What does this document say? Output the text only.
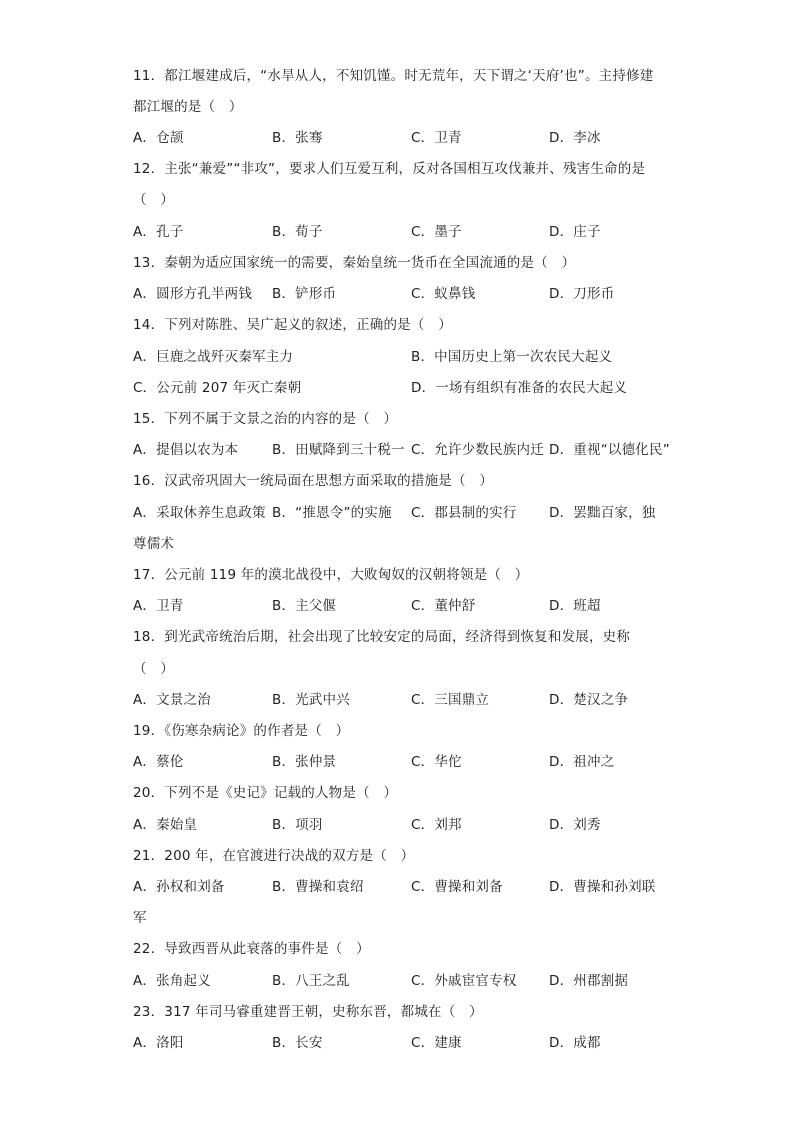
11．都江堰建成后，“水旱从人，不知饥馑。时无荒年，天下谓之‘天府’也”。主持修建
都江堰的是（　）
A．仓颉	B．张骞	C．卫青	D．李冰
12．主张“兼爱”“非攻”，要求人们互爱互利，反对各国相互攻伐兼并、残害生命的是
（　）
A．孔子	B．荀子	C．墨子	D．庄子
13．秦朝为适应国家统一的需要，秦始皇统一货币在全国流通的是（　）
A．圆形方孔半两钱 B．铲形币	C．蚁鼻钱	D．刀形币
14．下列对陈胜、吴广起义的叙述，正确的是（　）
A．巨鹿之战歼灭秦军主力	B．中国历史上第一次农民大起义
C．公元前 207 年灭亡秦朝	D．一场有组织有准备的农民大起义
15．下列不属于文景之治的内容的是（　）
A．提倡以农为本 B．田赋降到三十税一 C．允许少数民族内迁 D．重视“以德化民”
16．汉武帝巩固大一统局面在思想方面采取的措施是（　）
A．采取休养生息政策 B．“推恩令”的实施 C．郡县制的实行 D．罢黜百家，独
尊儒术
17．公元前 119 年的漠北战役中，大败匈奴的汉朝将领是（　）
A．卫青	B．主父偃	C．董仲舒	D．班超
18．到光武帝统治后期，社会出现了比较安定的局面，经济得到恢复和发展，史称
（　）
A．文景之治	B．光武中兴	C．三国鼎立	D．楚汉之争
19．《伤寒杂病论》的作者是（　）
A．蔡伦	B．张仲景	C．华佗	D．祖冲之
20．下列不是《史记》记载的人物是（　）
A．秦始皇	B．项羽	C．刘邦	D．刘秀
21．200 年，在官渡进行决战的双方是（　）
A．孙权和刘备	B．曹操和袁绍	C．曹操和刘备	D．曹操和孙刘联
军
22．导致西晋从此衰落的事件是（　）
A．张角起义	B．八王之乱	C．外戚宦官专权 D．州郡割据
23．317 年司马睿重建晋王朝，史称东晋，都城在（　）
A．洛阳	B．长安	C．建康	D．成都
